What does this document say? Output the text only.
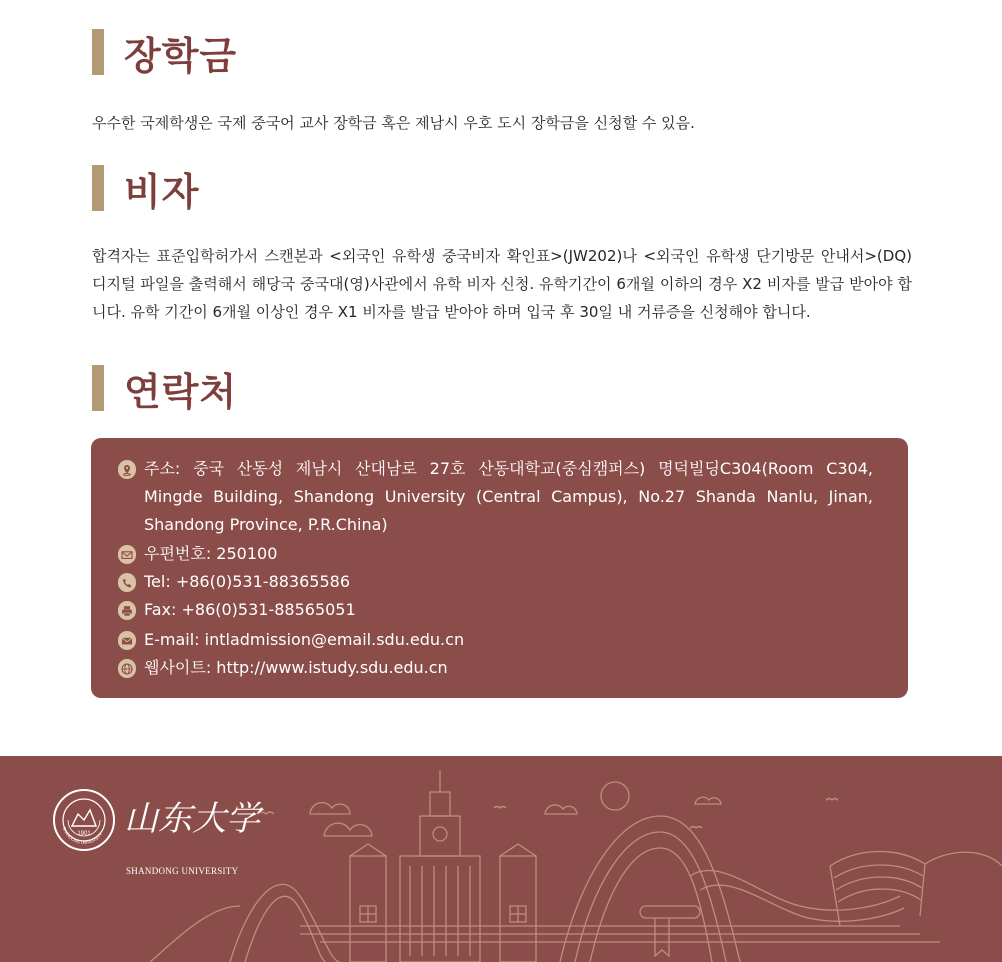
장학금
우수한 국제학생은 국제 중국어 교사 장학금 혹은 제남시 우호 도시 장학금을 신청할 수 있음.
비자
합격자는 표준입학허가서 스캔본과 <외국인 유학생 중국비자 확인표>(JW202)나 <외국인 유학생 단기방문 안내서>(DQ) 디지털 파일을 출력해서 해당국 중국대(영)사관에서 유학 비자 신청. 유학기간이 6개월 이하의 경우 X2 비자를 발급 받아야 합니다. 유학 기간이 6개월 이상인 경우 X1 비자를 발급 받아야 하며 입국 후 30일 내 거류증을 신청해야 합니다.
연락처
주소: 중국 산동성 제남시 산대남로 27호 산동대학교(중심캠퍼스) 명덕빌딩C304(Room C304, Mingde Building, Shandong University (Central Campus), No.27 Shanda Nanlu, Jinan, Shandong Province, P.R.China)
우편번호: 250100
Tel: +86(0)531-88365586
Fax: +86(0)531-88565051
E-mail: intladmission@email.sdu.edu.cn
웹사이트: http://www.istudy.sdu.edu.cn
1901
SHANDONG UNIVERSITY 山东大学
SHANDONG UNIVERSITY
